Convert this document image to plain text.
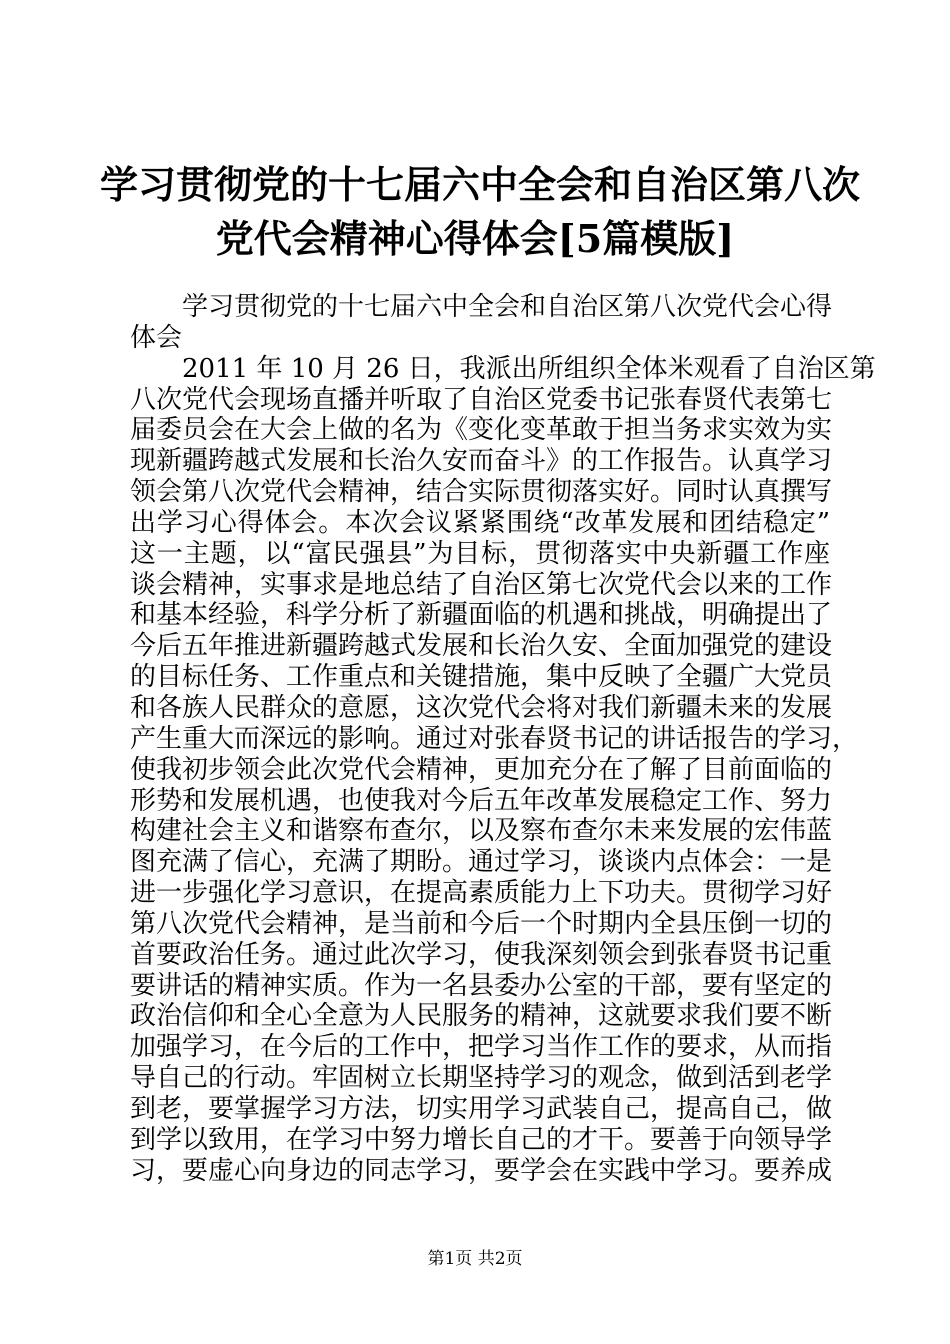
学习贯彻党的十七届六中全会和自治区第八次
党代会精神心得体会[5篇模版]
学习贯彻党的十七届六中全会和自治区第八次党代会心得
体会
2011 年 10 月 26 日，我派出所组织全体米观看了自治区第
八次党代会现场直播并听取了自治区党委书记张春贤代表第七
届委员会在大会上做的名为《变化变革敢于担当务求实效为实
现新疆跨越式发展和长治久安而奋斗》的工作报告。认真学习
领会第八次党代会精神，结合实际贯彻落实好。同时认真撰写
出学习心得体会。本次会议紧紧围绕“改革发展和团结稳定”
这一主题，以“富民强县”为目标，贯彻落实中央新疆工作座
谈会精神，实事求是地总结了自治区第七次党代会以来的工作
和基本经验，科学分析了新疆面临的机遇和挑战，明确提出了
今后五年推进新疆跨越式发展和长治久安、全面加强党的建设
的目标任务、工作重点和关键措施，集中反映了全疆广大党员
和各族人民群众的意愿，这次党代会将对我们新疆未来的发展
产生重大而深远的影响。通过对张春贤书记的讲话报告的学习，
使我初步领会此次党代会精神，更加充分在了解了目前面临的
形势和发展机遇，也使我对今后五年改革发展稳定工作、努力
构建社会主义和谐察布查尔，以及察布查尔未来发展的宏伟蓝
图充满了信心，充满了期盼。通过学习，谈谈内点体会：一是
进一步强化学习意识，在提高素质能力上下功夫。贯彻学习好
第八次党代会精神，是当前和今后一个时期内全县压倒一切的
首要政治任务。通过此次学习，使我深刻领会到张春贤书记重
要讲话的精神实质。作为一名县委办公室的干部，要有坚定的
政治信仰和全心全意为人民服务的精神，这就要求我们要不断
加强学习，在今后的工作中，把学习当作工作的要求，从而指
导自己的行动。牢固树立长期坚持学习的观念，做到活到老学
到老，要掌握学习方法，切实用学习武装自己，提高自己，做
到学以致用，在学习中努力增长自己的才干。要善于向领导学
习，要虚心向身边的同志学习，要学会在实践中学习。要养成
第1页 共2页
